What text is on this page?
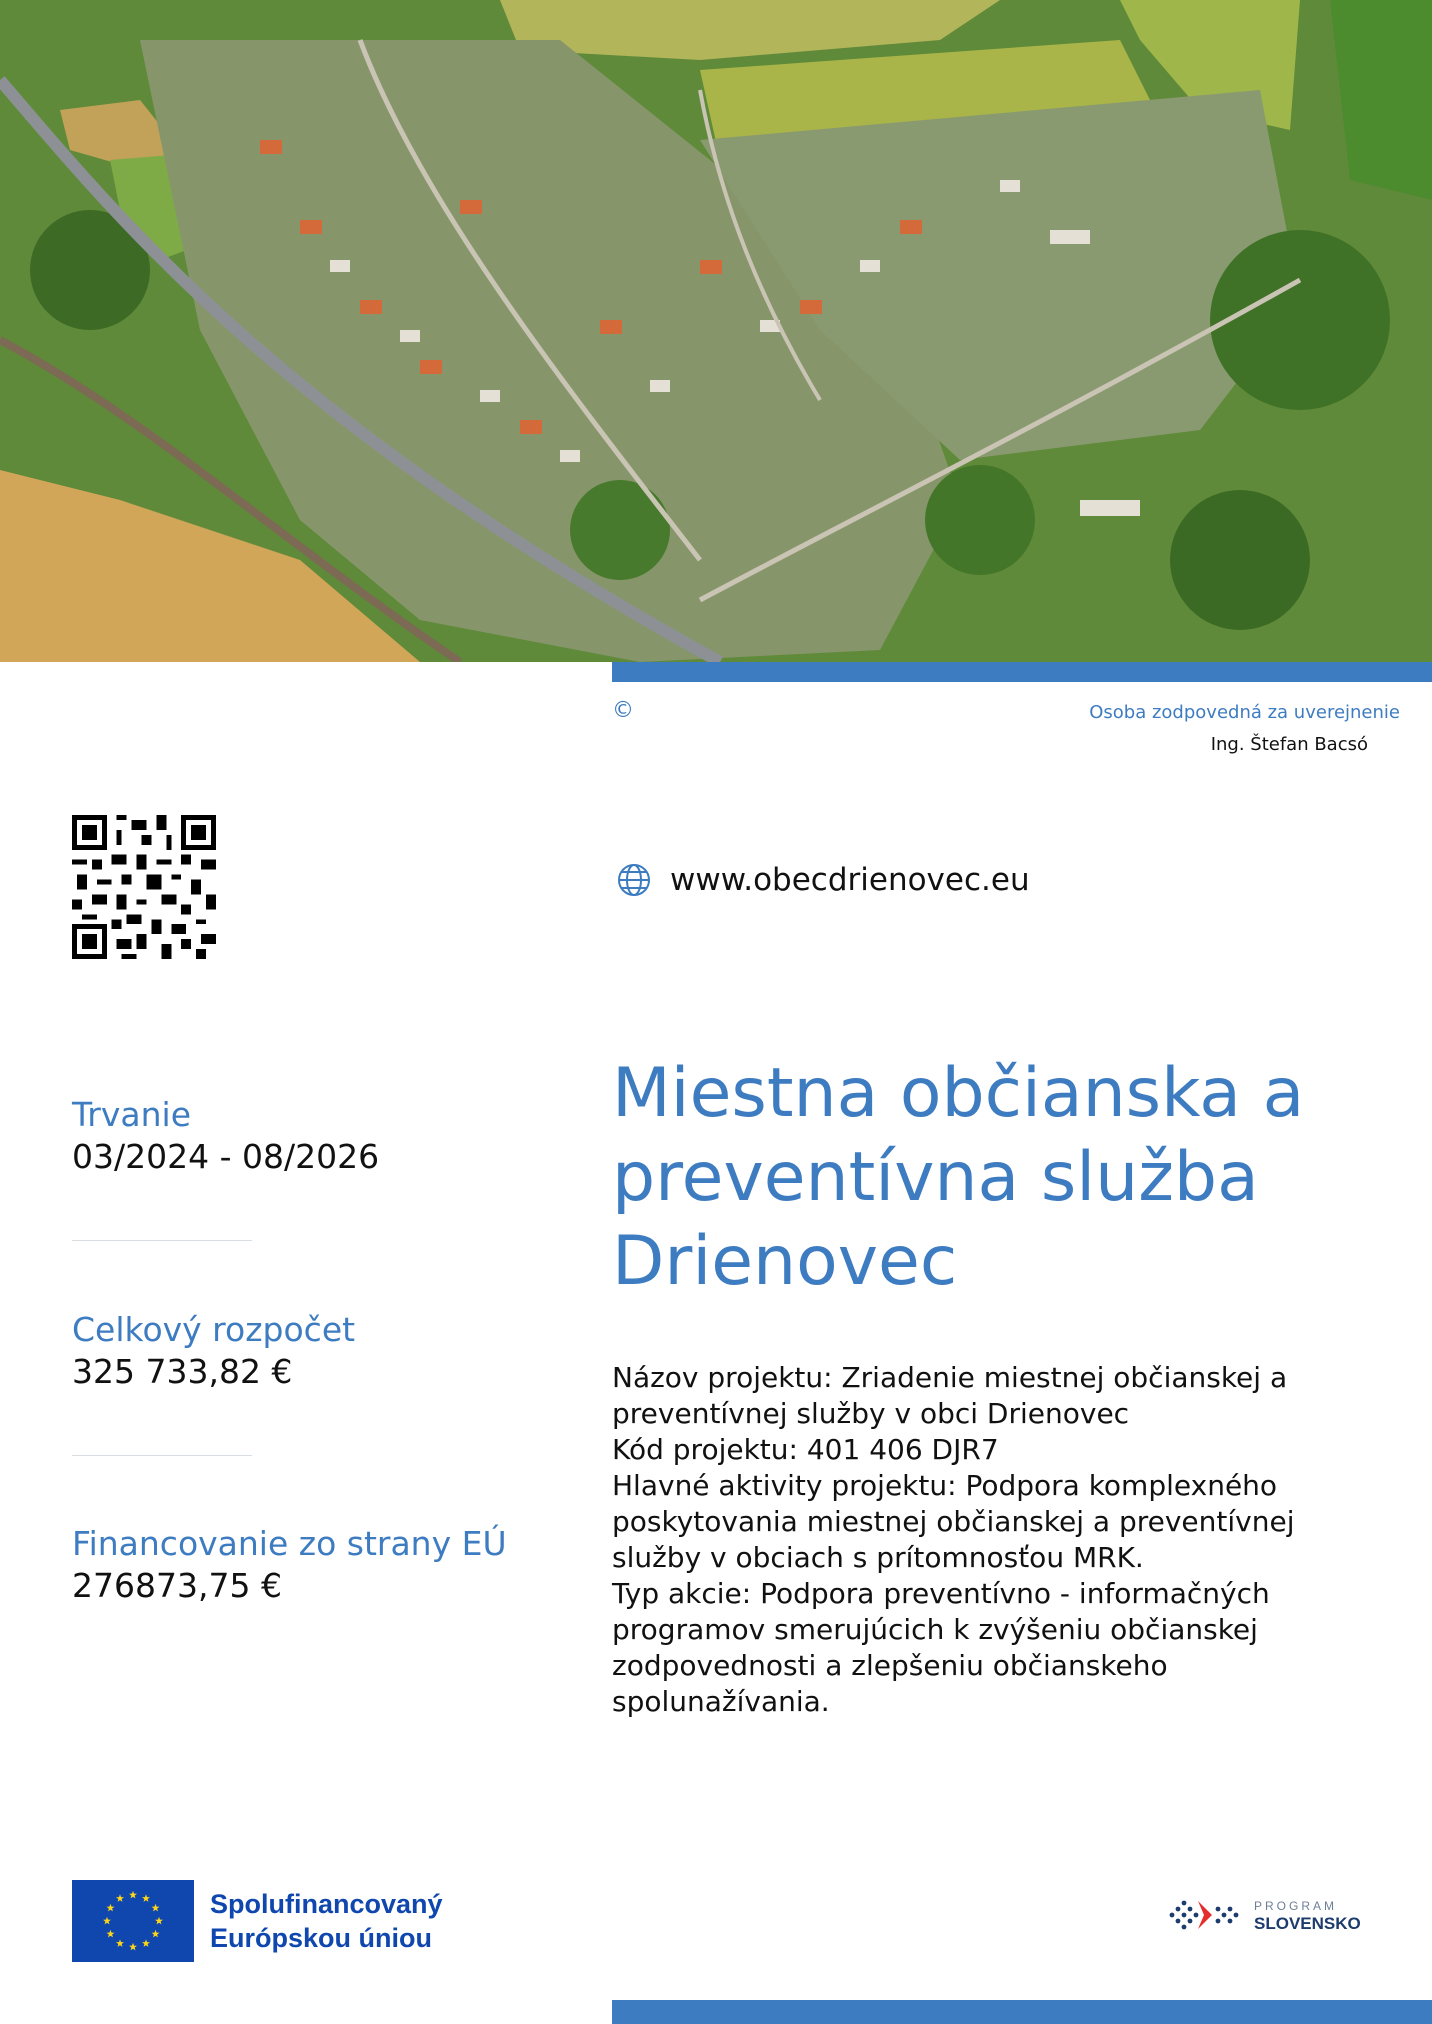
©	Osoba zodpovedná za uverejnenie
Ing. Štefan Bacsó
www.obecdrienovec.eu
Trvanie
03/2024 - 08/2026
Celkový rozpočet
325 733,82 €
Financovanie zo strany EÚ
276873,75 €
Miestna občianska a preventívna služba Drienovec
Názov projektu: Zriadenie miestnej občianskej a preventívnej služby v obci Drienovec
Kód projektu: 401 406 DJR7
Hlavné aktivity projektu: Podpora komplexného poskytovania miestnej občianskej a preventívnej služby v obciach s prítomnosťou MRK.
Typ akcie: Podpora preventívno - informačných programov smerujúcich k zvýšeniu občianskej zodpovednosti a zlepšeniu občianskeho spolunažívania.
Spolufinancovaný
Európskou úniou
PROGRAM
SLOVENSKO
